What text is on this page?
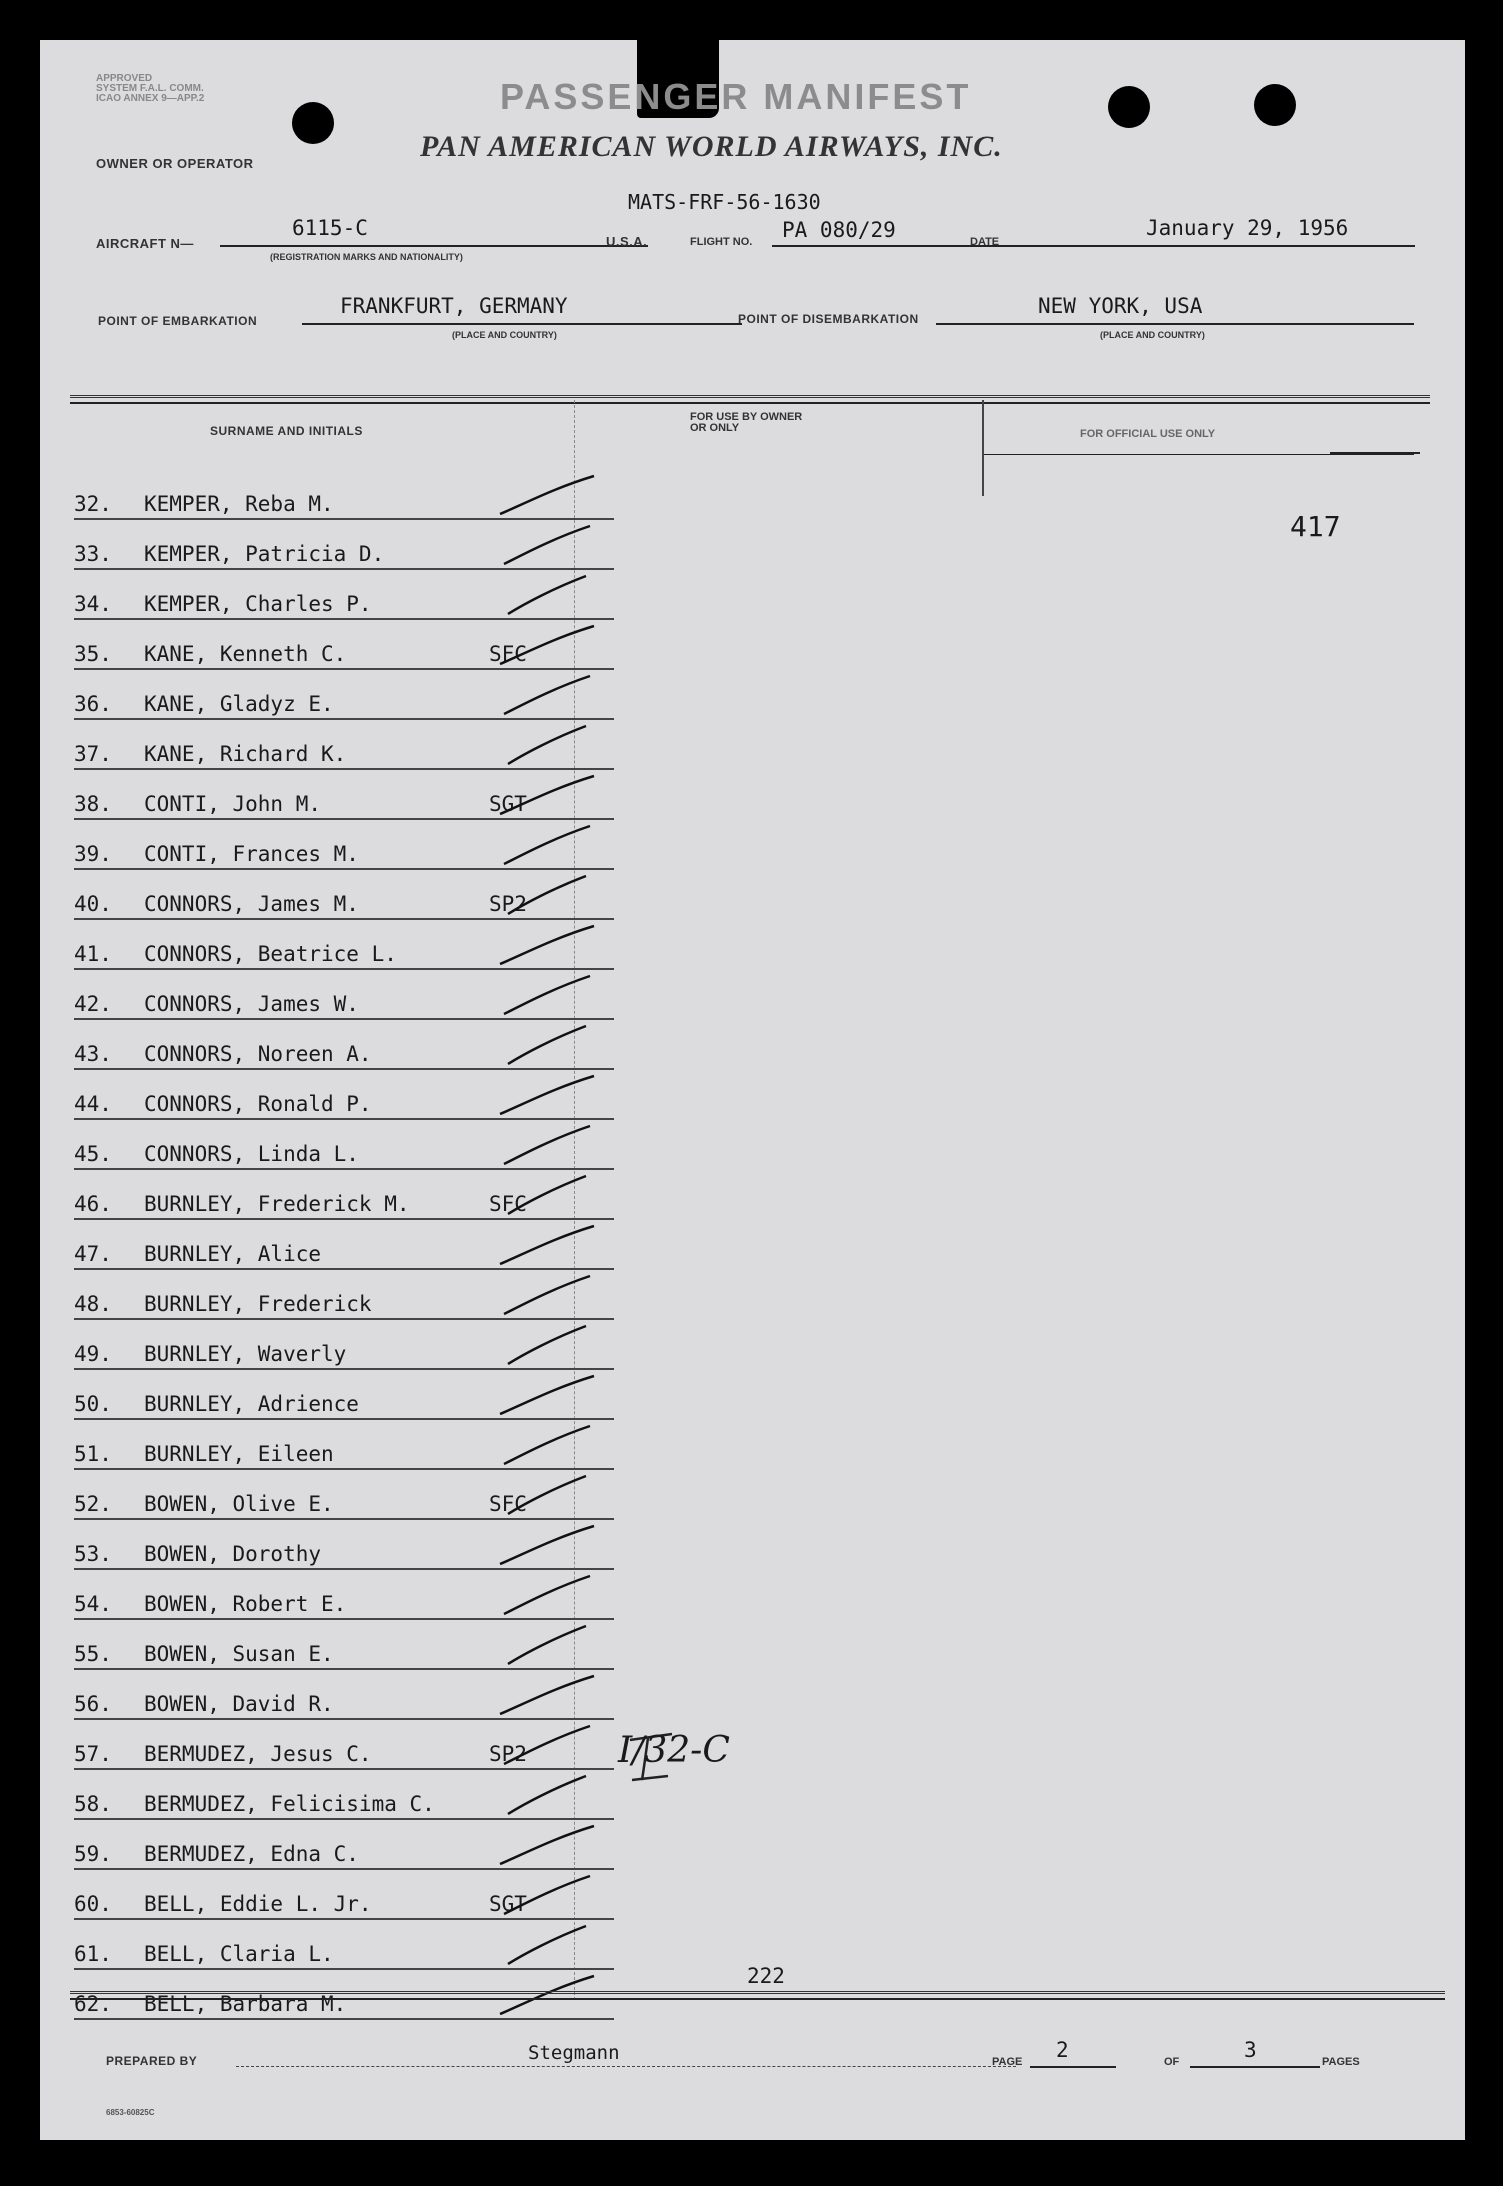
APPROVED
SYSTEM F.A.L. COMM.
ICAO ANNEX 9—APP.2	PASSENGER MANIFEST
PAN AMERICAN WORLD AIRWAYS, INC.
OWNER OR OPERATOR
MATS-FRF-56-1630
AIRCRAFT N—
6115-C
(REGISTRATION MARKS AND NATIONALITY)
U.S.A.	FLIGHT NO. PA 080/29	DATE
January 29, 1956
POINT OF EMBARKATION
FRANKFURT, GERMANY
(PLACE AND COUNTRY)
POINT OF DISEMBARKATION
NEW YORK, USA
(PLACE AND COUNTRY)
SURNAME AND INITIALS
FOR USE BY OWNER
OR ONLY	FOR OFFICIAL USE ONLY
417
32. KEMPER, Reba M.
33. KEMPER, Patricia D.
34. KEMPER, Charles P.
35. KANE, Kenneth C.	SFC
36. KANE, Gladyz E.
37. KANE, Richard K.
38. CONTI, John M.	SGT
39. CONTI, Frances M.
40. CONNORS, James M.	SP2
41. CONNORS, Beatrice L.
42. CONNORS, James W.
43. CONNORS, Noreen A.
44. CONNORS, Ronald P.
45. CONNORS, Linda L.
46. BURNLEY, Frederick M.	SFC
47. BURNLEY, Alice
48. BURNLEY, Frederick
49. BURNLEY, Waverly
50. BURNLEY, Adrience
51. BURNLEY, Eileen
52. BOWEN, Olive E.	SFC
53. BOWEN, Dorothy
54. BOWEN, Robert E.
55. BOWEN, Susan E.
56. BOWEN, David R.
57. BERMUDEZ, Jesus C.	SP2
58. BERMUDEZ, Felicisima C.
59. BERMUDEZ, Edna C.
60. BELL, Eddie L. Jr.	SGT
61. BELL, Claria L.
62. BELL, Barbara M.
I/32-C
222
PREPARED BY	Stegmann	PAGE 2	OF	3	PAGES
6853-60825C
